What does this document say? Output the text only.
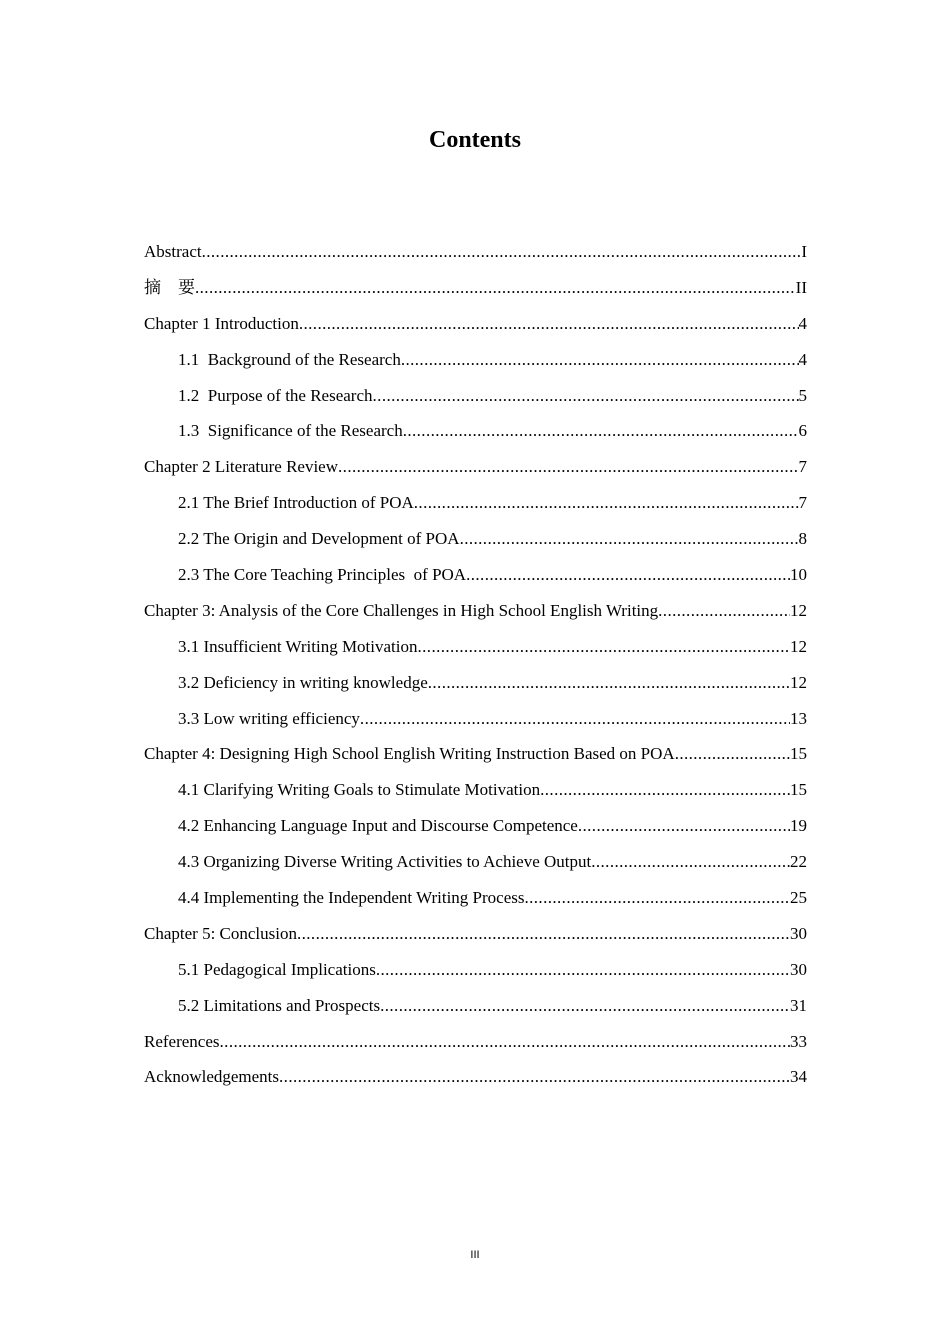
Contents
Abstract .....	I
摘　要 .....	II
Chapter 1 Introduction .....	4
1.1  Background of the Research .....	4
1.2  Purpose of the Research .....	5
1.3  Significance of the Research .....	6
Chapter 2 Literature Review .....	7
2.1 The Brief Introduction of POA .....	7
2.2 The Origin and Development of POA .....	8
2.3 The Core Teaching Principles  of POA .....	10
Chapter 3: Analysis of the Core Challenges in High School English Writing .....	12
3.1 Insufficient Writing Motivation .....	12
3.2 Deficiency in writing knowledge .....	12
3.3 Low writing efficiency .....	13
Chapter 4: Designing High School English Writing Instruction Based on POA .....	15
4.1 Clarifying Writing Goals to Stimulate Motivation .....	15
4.2 Enhancing Language Input and Discourse Competence .....	19
4.3 Organizing Diverse Writing Activities to Achieve Output .....	22
4.4 Implementing the Independent Writing Process .....	25
Chapter 5: Conclusion .....	30
5.1 Pedagogical Implications .....	30
5.2 Limitations and Prospects .....	31
References .....	33
Acknowledgements .....	34
III
